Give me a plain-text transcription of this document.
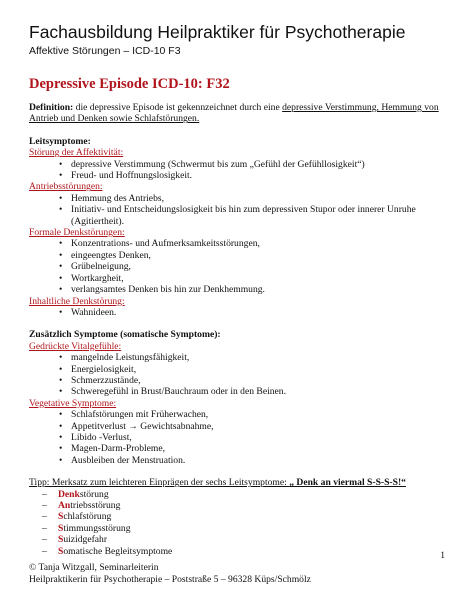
Fachausbildung Heilpraktiker für Psychotherapie
Affektive Störungen – ICD-10 F3
Depressive Episode ICD-10: F32

Definition: die depressive Episode ist gekennzeichnet durch eine depressive Verstimmung, Hemmung von Antrieb und Denken sowie Schlafstörungen.

Leitsymptome:

Störung der Affektivität:

• depressive Verstimmung (Schwermut bis zum „Gefühl der Gefühllosigkeit“)
• Freud- und Hoffnungslosigkeit.

Antriebsstörungen:

• Hemmung des Antriebs,
• Initiativ- und Entscheidungslosigkeit bis hin zum depressiven Stupor oder innerer Unruhe (Agitiertheit).

Formale Denkstörungen:

• Konzentrations- und Aufmerksamkeitsstörungen,
• eingeengtes Denken,
• Grübelneigung,
• Wortkargheit,
• verlangsamtes Denken bis hin zur Denkhemmung.

Inhaltliche Denkstörung:

• Wahnideen.

Zusätzlich Symptome (somatische Symptome):

Gedrückte Vitalgefühle:

• mangelnde Leistungsfähigkeit,
• Energielosigkeit,
• Schmerzzustände,
• Schweregefühl in Brust/Bauchraum oder in den Beinen.

Vegetative Symptome:

• Schlafstörungen mit Früherwachen,
• Appetitverlust → Gewichtsabnahme,
• Libido -Verlust,
• Magen-Darm-Probleme,
• Ausbleiben der Menstruation.

Tipp: Merksatz zum leichteren Einprägen der sechs Leitsymptome: „ Denk an viermal S-S-S-S!“

– Denkstörung
– Antriebsstörung
– Schlafstörung
– Stimmungsstörung
– Suizidgefahr
– Somatische Begleitsymptome	1
© Tanja Witzgall, Seminarleiterin
Heilpraktikerin für Psychotherapie – Poststraße 5 – 96328 Küps/Schmölz
